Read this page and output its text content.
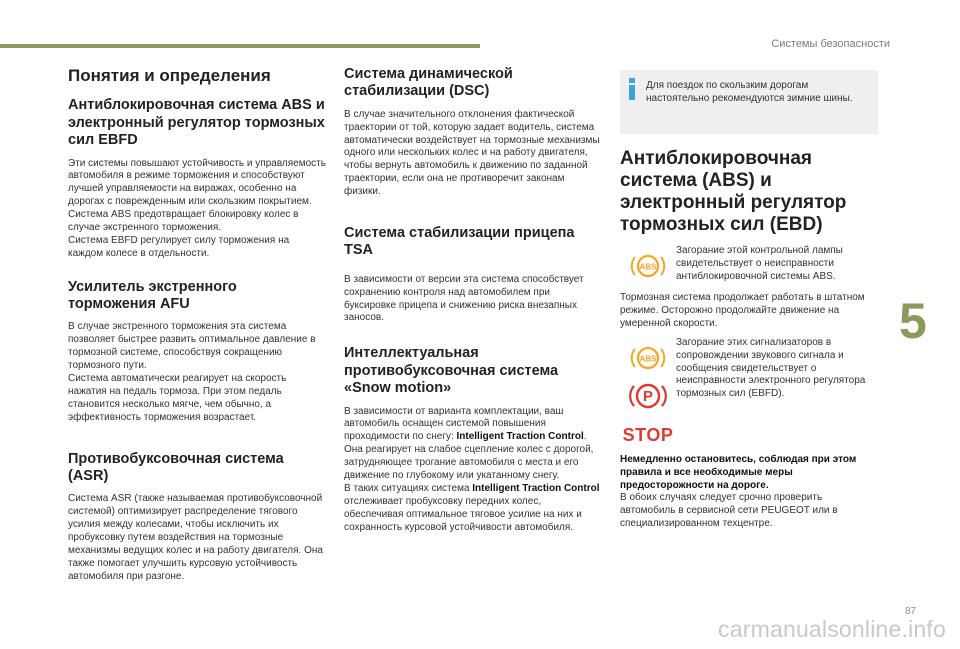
Системы безопасности
5
Понятия и определения
Антиблокировочная система ABS и электронный регулятор тормозных сил EBFD

Эти системы повышают устойчивость и управляемость автомобиля в режиме торможения и способствуют лучшей управляемости на виражах, особенно на дорогах с поврежденным или скользким покрытием.
Система ABS предотвращает блокировку колес в случае экстренного торможения.
Система EBFD регулирует силу торможения на каждом колесе в отдельности.

Усилитель экстренного торможения AFU

В случае экстренного торможения эта система позволяет быстрее развить оптимальное давление в тормозной системе, способствуя сокращению тормозного пути.
Система автоматически реагирует на скорость нажатия на педаль тормоза. При этом педаль становится несколько мягче, чем обычно, а эффективность торможения возрастает.

Противобуксовочная система (ASR)

Система ASR (также называемая противобуксовочной системой) оптимизирует распределение тягового усилия между колесами, чтобы исключить их пробуксовку путем воздействия на тормозные механизмы ведущих колес и на работу двигателя. Она также помогает улучшить курсовую устойчивость автомобиля при разгоне.

Система динамической стабилизации (DSC)

В случае значительного отклонения фактической траектории от той, которую задает водитель, система автоматически воздействует на тормозные механизмы одного или нескольких колес и на работу двигателя, чтобы вернуть автомобиль к движению по заданной траектории, если она не противоречит законам физики.

Система стабилизации прицепа TSA

В зависимости от версии эта система способствует сохранению контроля над автомобилем при буксировке прицепа и снижению риска внезапных заносов.

Интеллектуальная противобуксовочная система «Snow motion»

В зависимости от варианта комплектации, ваш автомобиль оснащен системой повышения проходимости по снегу: Intelligent Traction Control.
Она реагирует на слабое сцепление колес с дорогой, затрудняющее трогание автомобиля с места и его движение по глубокому или укатанному снегу.
В таких ситуациях система Intelligent Traction Control отслеживает пробуксовку передних колес, обеспечивая оптимальное тяговое усилие на них и сохранность курсовой устойчивости автомобиля.

Для поездок по скользким дорогам настоятельно рекомендуются зимние шины.

Антиблокировочная система (ABS) и электронный регулятор тормозных сил (EBD)
ABS

Загорание этой контрольной лампы свидетельствует о неисправности антиблокировочной системы ABS.

Тормозная система продолжает работать в штатном режиме. Осторожно продолжайте движение на умеренной скорости.

ABS
P
STOP

Загорание этих сигнализаторов в сопровождении звукового сигнала и сообщения свидетельствует о неисправности электронного регулятора тормозных сил (EBFD).

Немедленно остановитесь, соблюдая при этом правила и все необходимые меры предосторожности на дороге.
В обоих случаях следует срочно проверить автомобиль в сервисной сети PEUGEOT или в специализированном техцентре.

87
carmanualsonline.info
